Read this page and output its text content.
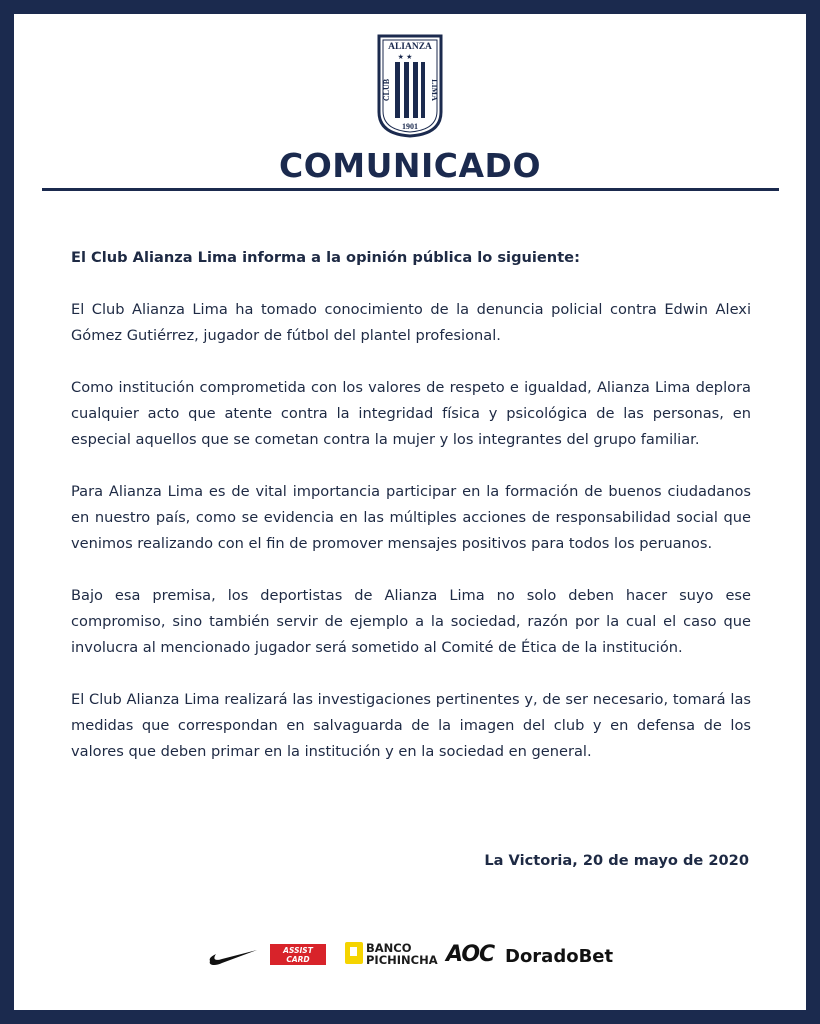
ALIANZA
★ ★
CLUB	LIMA
1901
COMUNICADO

El Club Alianza Lima informa a la opinión pública lo siguiente:

El Club Alianza Lima ha tomado conocimiento de la denuncia policial contra Edwin Alexi Gómez Gutiérrez, jugador de fútbol del plantel profesional.

Como institución comprometida con los valores de respeto e igualdad, Alianza Lima deplora cualquier acto que atente contra la integridad física y psicológica de las personas, en especial aquellos que se cometan contra la mujer y los integrantes del grupo familiar.

Para Alianza Lima es de vital importancia participar en la formación de buenos ciudadanos en nuestro país, como se evidencia en las múltiples acciones de responsabilidad social que venimos realizando con el fin de promover mensajes positivos para todos los peruanos.

Bajo esa premisa, los deportistas de Alianza Lima no solo deben hacer suyo ese compromiso, sino también servir de ejemplo a la sociedad, razón por la cual el caso que involucra al mencionado jugador será sometido al Comité de Ética de la institución.

El Club Alianza Lima realizará las investigaciones pertinentes y, de ser necesario, tomará las medidas que correspondan en salvaguarda de la imagen del club y en defensa de los valores que deben primar en la institución y en la sociedad en general.

La Victoria, 20 de mayo de 2020
ASSIST
CARD
BANCO
PICHINCHA AOC DoradoBet
